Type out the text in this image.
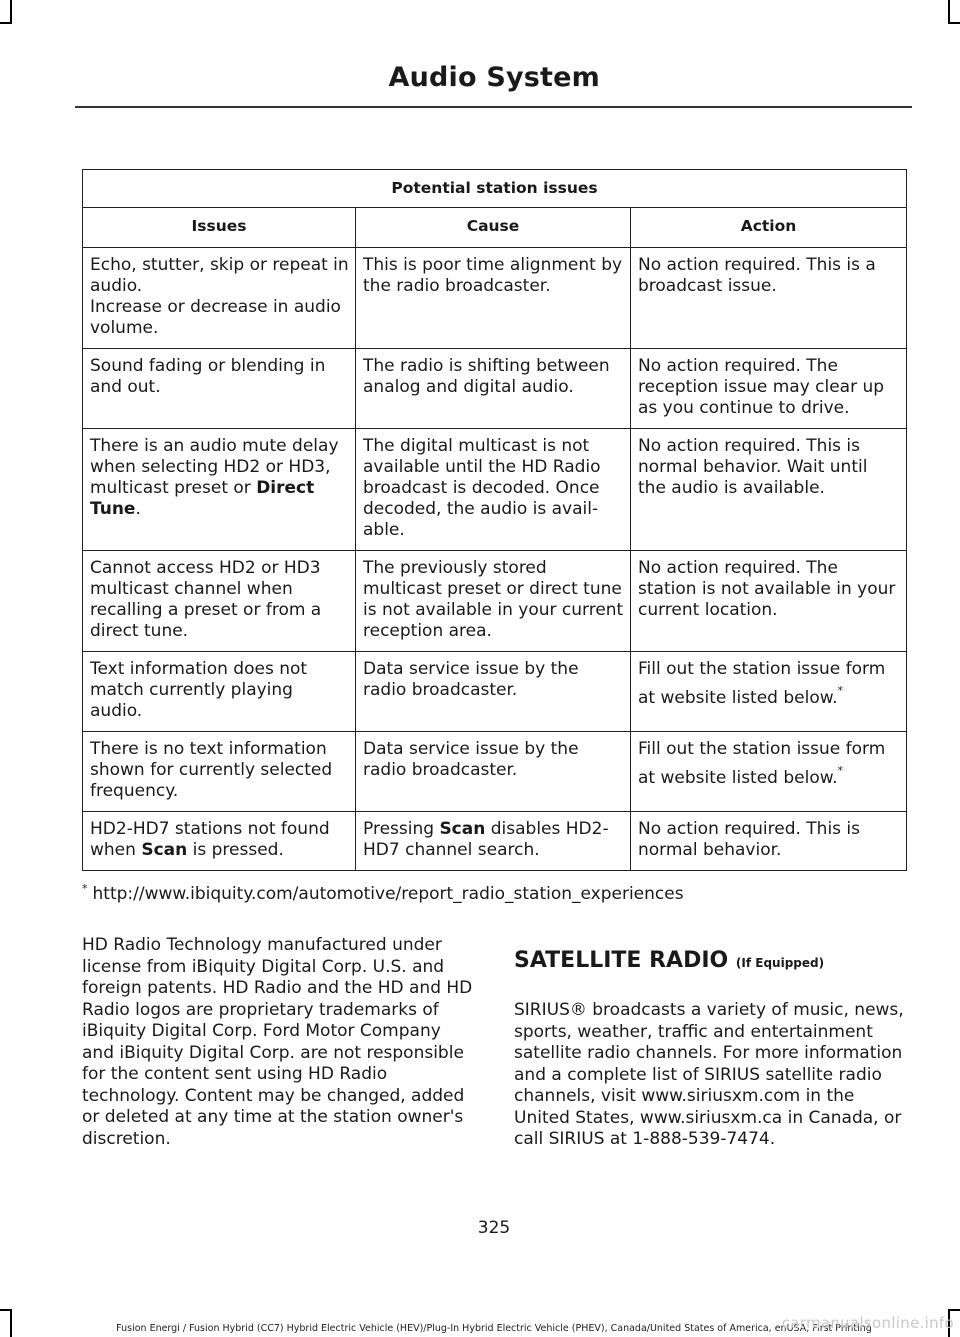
Audio System
Potential station issues		
Issues	Cause	Action

Echo, stutter, skip or repeat in audio.
Increase or decrease in audio volume.	This is poor time alignment by the radio broadcaster.	No action required. This is a broadcast issue.

Sound fading or blending in and out.	The radio is shifting between analog and digital audio.	No action required. The reception issue may clear up as you continue to drive.
There is an audio mute delay when selecting HD2 or HD3, multicast preset or Direct Tune.	The digital multicast is not available until the HD Radio broadcast is decoded. Once decoded, the audio is avail-able.	No action required. This is normal behavior. Wait until the audio is available.

Cannot access HD2 or HD3 multicast channel when recalling a preset or from a direct tune.	The previously stored multicast preset or direct tune is not available in your current reception area.	No action required. The station is not available in your current location.

Text information does not match currently playing audio.	Data service issue by the radio broadcaster.	Fill out the station issue form at website listed below.*

There is no text information shown for currently selected frequency.	Data service issue by the radio broadcaster.	Fill out the station issue form at website listed below.*
HD2-HD7 stations not found when Scan is pressed.	Pressing Scan disables HD2-HD7 channel search.	No action required. This is normal behavior.
* http://www.ibiquity.com/automotive/report_radio_station_experiences

HD Radio Technology manufactured under license from iBiquity Digital Corp. U.S. and foreign patents. HD Radio and the HD and HD Radio logos are proprietary trademarks of iBiquity Digital Corp. Ford Motor Company and iBiquity Digital Corp. are not responsible for the content sent using HD Radio technology. Content may be changed, added or deleted at any time at the station owner's discretion.

SATELLITE RADIO (If Equipped)

SIRIUS® broadcasts a variety of music, news, sports, weather, traffic and entertainment satellite radio channels. For more information and a complete list of SIRIUS satellite radio channels, visit www.siriusxm.com in the United States, www.siriusxm.ca in Canada, or call SIRIUS at 1-888-539-7474.

325
Fusion Energi / Fusion Hybrid (CC7) Hybrid Electric Vehicle (HEV)/Plug-In Hybrid Electric Vehicle (PHEV), Canada/United States of America, enUSA, First Printing
carmanualsonline.info
